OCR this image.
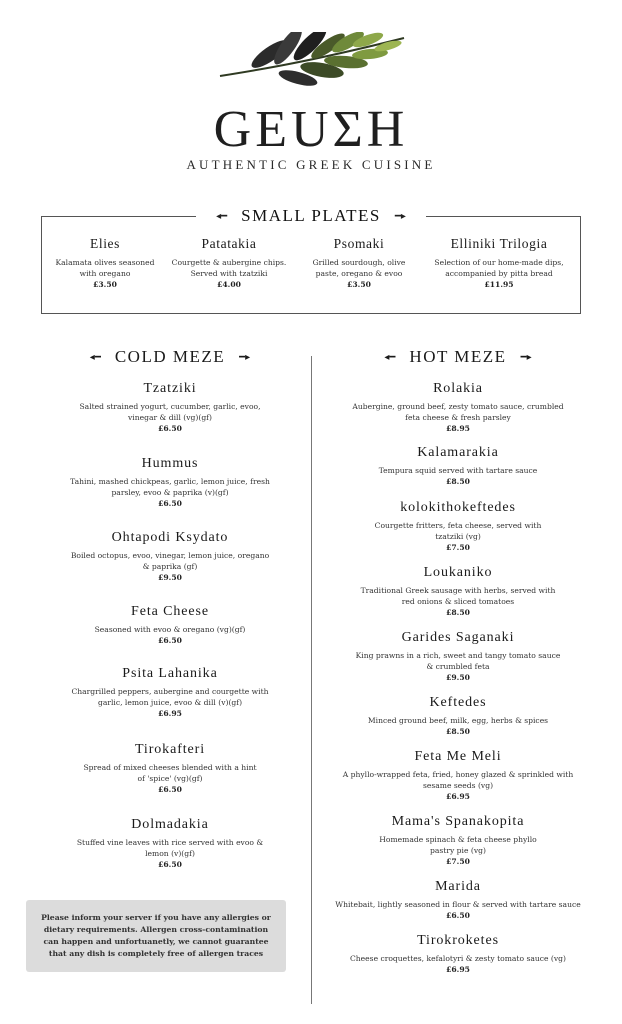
GEUΣH
AUTHENTIC GREEK CUISINE
◂━ SMALL PLATES ━▸
Elies
Kalamata olives seasoned with oregano
£3.50
Patatakia
Courgette & aubergine chips. Served with tzatziki
£4.00
Psomaki
Grilled sourdough, olive paste, oregano & evoo
£3.50
Elliniki Trilogia
Selection of our home-made dips, accompanied by pitta bread
£11.95
◂━ COLD MEZE ━▸
Tzatziki
Salted strained yogurt, cucumber, garlic, evoo, vinegar & dill (vg)(gf)
£6.50
Hummus
Tahini, mashed chickpeas, garlic, lemon juice, fresh parsley, evoo & paprika (v)(gf)
£6.50
Ohtapodi Ksydato
Boiled octopus, evoo, vinegar, lemon juice, oregano & paprika (gf)
£9.50
Feta Cheese
Seasoned with evoo & oregano (vg)(gf)
£6.50
Psita Lahanika
Chargrilled peppers, aubergine and courgette with garlic, lemon juice, evoo & dill (v)(gf)
£6.95
Tirokafteri
Spread of mixed cheeses blended with a hint of 'spice' (vg)(gf)
£6.50
Dolmadakia
Stuffed vine leaves with rice served with evoo & lemon (v)(gf)
£6.50
◂━ HOT MEZE ━▸
Rolakia
Aubergine, ground beef, zesty tomato sauce, crumbled feta cheese & fresh parsley
£8.95
Kalamarakia
Tempura squid served with tartare sauce
£8.50
kolokithokeftedes
Courgette fritters, feta cheese, served with tzatziki (vg)
£7.50
Loukaniko
Traditional Greek sausage with herbs, served with red onions & sliced tomatoes
£8.50
Garides Saganaki
King prawns in a rich, sweet and tangy tomato sauce & crumbled feta
£9.50
Keftedes
Minced ground beef, milk, egg, herbs & spices
£8.50
Feta Me Meli
A phyllo-wrapped feta, fried, honey glazed & sprinkled with sesame seeds (vg)
£6.95
Mama's Spanakopita
Homemade spinach & feta cheese phyllo pastry pie (vg)
£7.50
Marida
Whitebait, lightly seasoned in flour & served with tartare sauce
£6.50
Tirokroketes
Cheese croquettes, kefalotyri & zesty tomato sauce (vg)
£6.95
Please inform your server if you have any allergies or dietary requirements. Allergen cross-contamination can happen and unfortuanetly, we cannot guarantee that any dish is completely free of allergen traces
